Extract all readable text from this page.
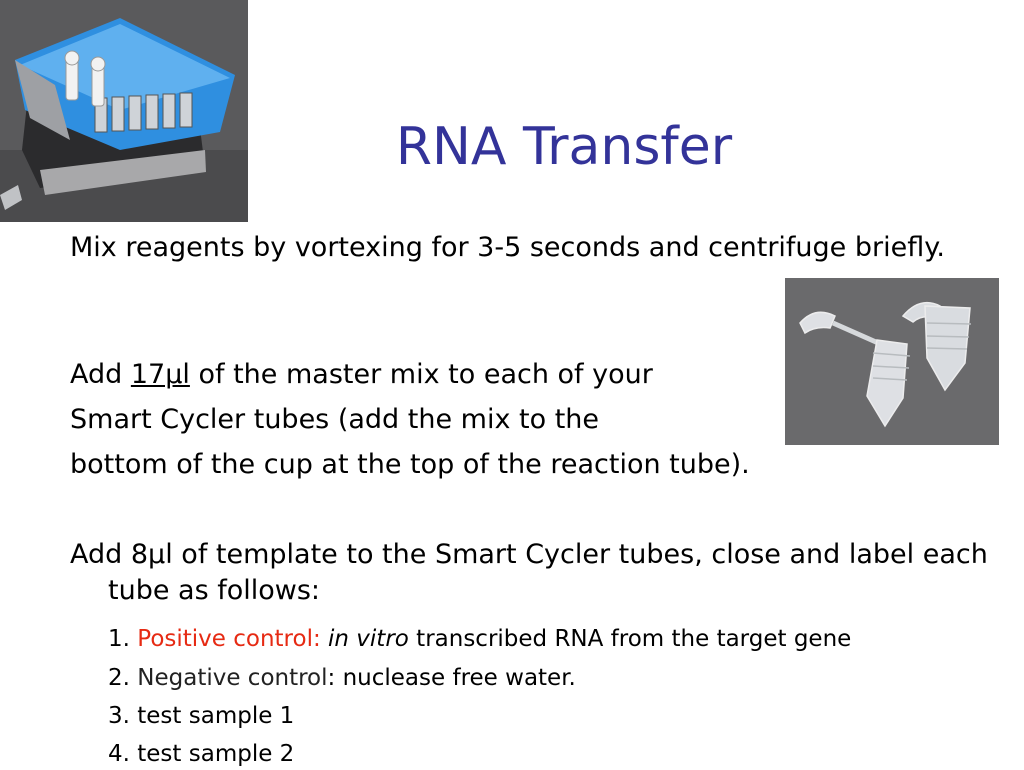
RNA Transfer

Mix reagents by vortexing for 3-5 seconds and centrifuge briefly.

Add 17µl of the master mix to each of your

Smart Cycler tubes (add the mix to the

bottom of the cup at the top of the reaction tube).

Add 8µl of template to the Smart Cycler tubes, close and label each tube as follows:

1. Positive control: in vitro transcribed RNA from the target gene

2. Negative control: nuclease free water.

3. test sample 1

4. test sample 2
